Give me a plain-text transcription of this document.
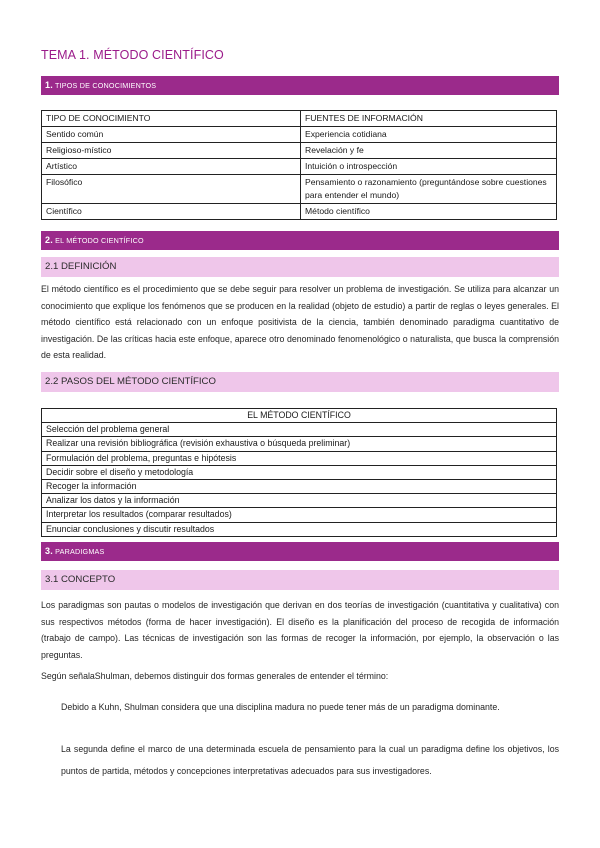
TEMA 1. MÉTODO CIENTÍFICO
1. TIPOS DE CONOCIMIENTOS
TIPO DE CONOCIMIENTO	FUENTES DE INFORMACIÓN
Sentido común	Experiencia cotidiana
Religioso-místico	Revelación y fe
Artístico	Intuición o introspección
Filosófico	Pensamiento o razonamiento (preguntándose sobre cuestiones para entender el mundo)
Científico	Método científico
2. EL MÉTODO CIENTÍFICO
2.1 DEFINICIÓN
El método científico es el procedimiento que se debe seguir para resolver un problema de investigación. Se utiliza para alcanzar un conocimiento que explique los fenómenos que se producen en la realidad (objeto de estudio) a partir de reglas o leyes generales. El método científico está relacionado con un enfoque positivista de la ciencia, también denominado paradigma cuantitativo de investigación. De las críticas hacia este enfoque, aparece otro denominado fenomenológico o naturalista, que busca la comprensión de esta realidad.
2.2 PASOS DEL MÉTODO CIENTÍFICO
EL MÉTODO CIENTÍFICO
Selección del problema general
Realizar una revisión bibliográfica (revisión exhaustiva o búsqueda preliminar)
Formulación del problema, preguntas e hipótesis
Decidir sobre el diseño y metodología
Recoger la información
Analizar los datos y la información
Interpretar los resultados (comparar resultados)
Enunciar conclusiones y discutir resultados
3. PARADIGMAS
3.1 CONCEPTO
Los paradigmas son pautas o modelos de investigación que derivan en dos teorías de investigación (cuantitativa y cualitativa) con sus respectivos métodos (forma de hacer investigación). El diseño es la planificación del proceso de recogida de información (trabajo de campo). Las técnicas de investigación son las formas de recoger la información, por ejemplo, la observación o las preguntas.
Según señalaShulman, debemos distinguir dos formas generales de entender el término:
Debido a Kuhn, Shulman considera que una disciplina madura no puede tener más de un paradigma dominante.
La segunda define el marco de una determinada escuela de pensamiento para la cual un paradigma define los objetivos, los puntos de partida, métodos y concepciones interpretativas adecuados para sus investigadores.
